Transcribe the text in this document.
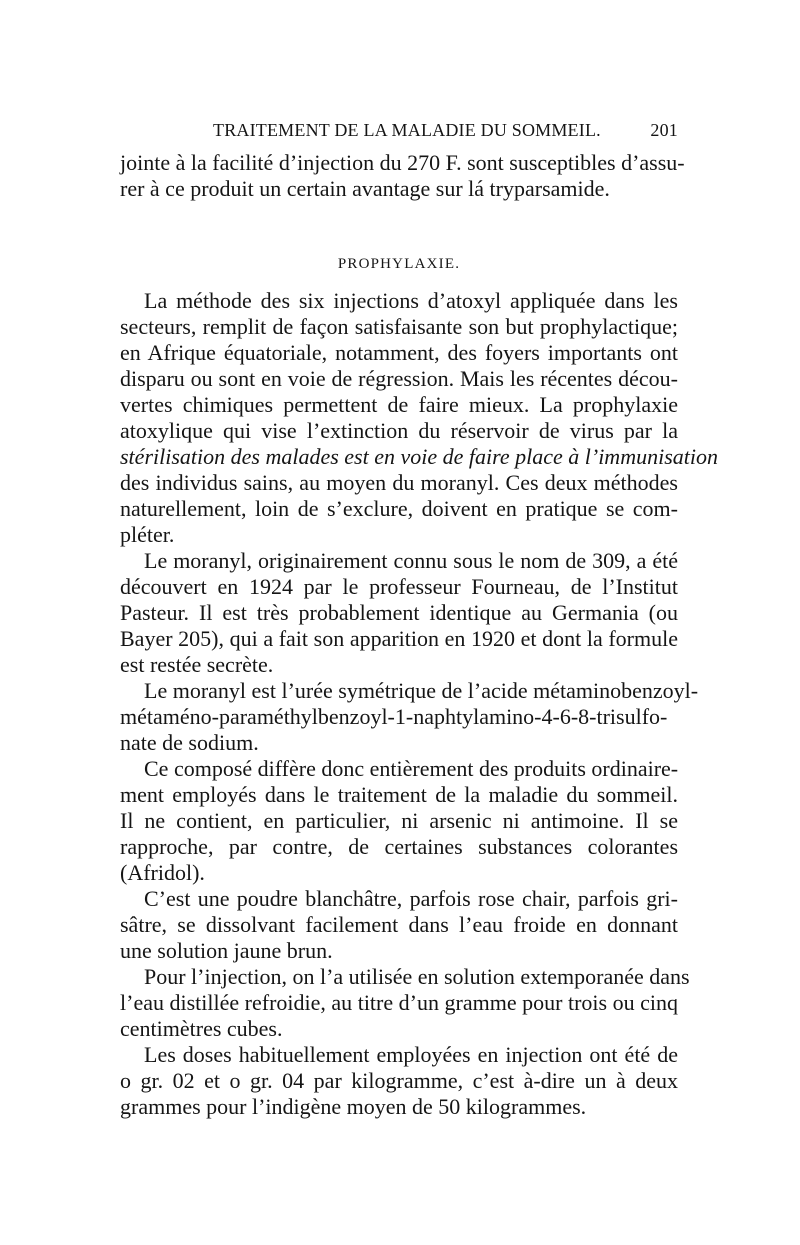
TRAITEMENT DE LA MALADIE DU SOMMEIL.	201
jointe à la facilité d’injection du 270 F. sont susceptibles d’assu-
rer à ce produit un certain avantage sur lá tryparsamide.
PROPHYLAXIE.
La méthode des six injections d’atoxyl appliquée dans les
secteurs, remplit de façon satisfaisante son but prophylactique;
en Afrique équatoriale, notamment, des foyers importants ont
disparu ou sont en voie de régression. Mais les récentes décou-
vertes chimiques permettent de faire mieux. La prophylaxie
atoxylique qui vise l’extinction du réservoir de virus par la
stérilisation des malades est en voie de faire place à l’immunisation
des individus sains, au moyen du moranyl. Ces deux méthodes
naturellement, loin de s’exclure, doivent en pratique se com-
pléter.
Le moranyl, originairement connu sous le nom de 309, a été
découvert en 1924 par le professeur Fourneau, de l’Institut
Pasteur. Il est très probablement identique au Germania (ou
Bayer 205), qui a fait son apparition en 1920 et dont la formule
est restée secrète.
Le moranyl est l’urée symétrique de l’acide métaminobenzoyl-
métaméno-paraméthylbenzoyl-1-naphtylamino-4-6-8-trisulfo-
nate de sodium.
Ce composé diffère donc entièrement des produits ordinaire-
ment employés dans le traitement de la maladie du sommeil.
Il ne contient, en particulier, ni arsenic ni antimoine. Il se
rapproche, par contre, de certaines substances colorantes
(Afridol).
C’est une poudre blanchâtre, parfois rose chair, parfois gri-
sâtre, se dissolvant facilement dans l’eau froide en donnant
une solution jaune brun.
Pour l’injection, on l’a utilisée en solution extemporanée dans
l’eau distillée refroidie, au titre d’un gramme pour trois ou cinq
centimètres cubes.
Les doses habituellement employées en injection ont été de
o gr. 02 et o gr. 04 par kilogramme, c’est à-dire un à deux
grammes pour l’indigène moyen de 50 kilogrammes.
